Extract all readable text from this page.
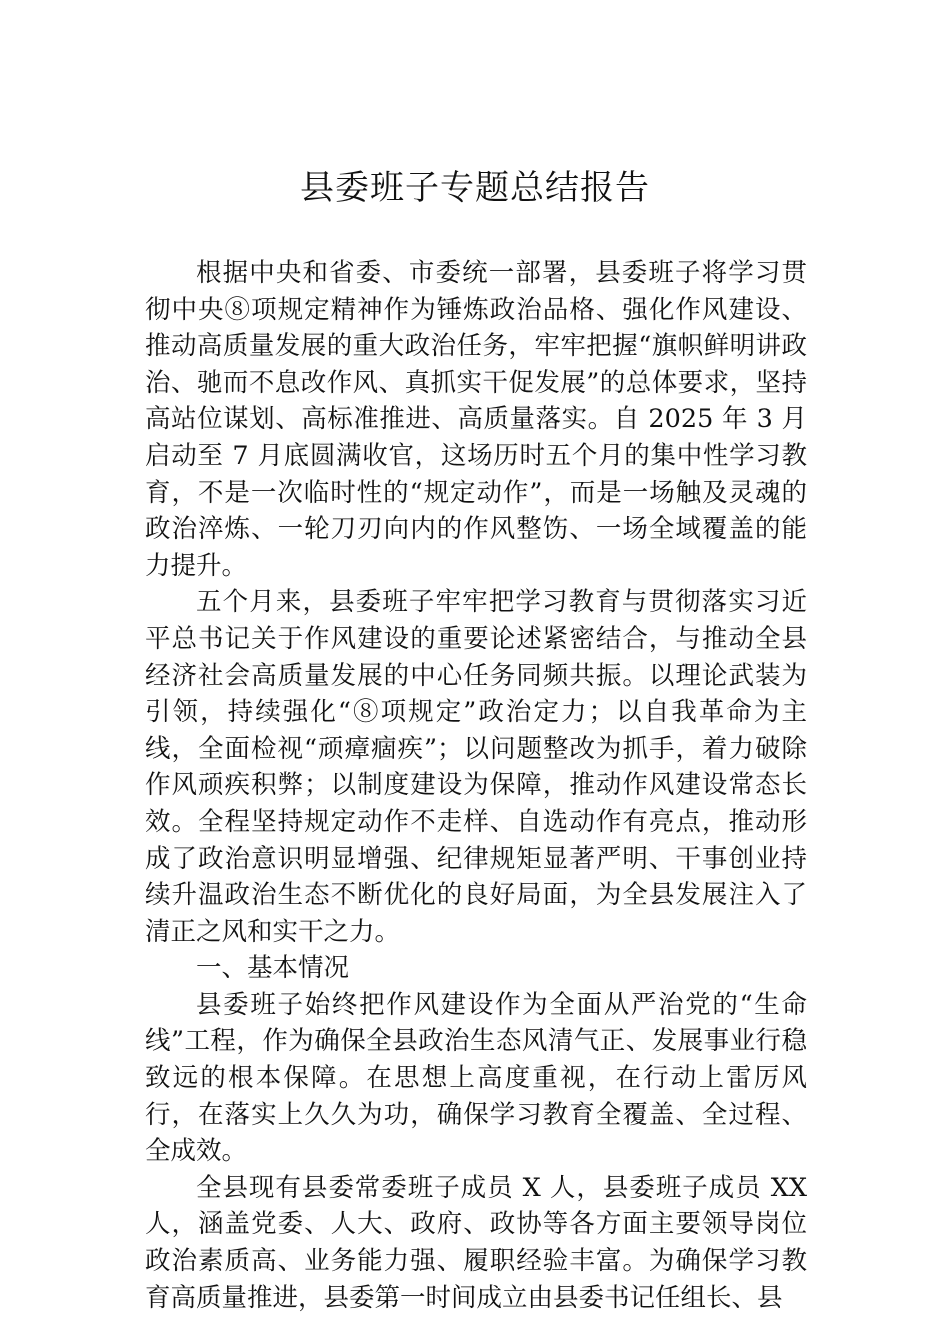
县委班子专题总结报告

根据中央和省委、市委统一部署，县委班子将学习贯彻中央⑧项规定精神作为锤炼政治品格、强化作风建设、推动高质量发展的重大政治任务，牢牢把握“旗帜鲜明讲政治、驰而不息改作风、真抓实干促发展”的总体要求，坚持高站位谋划、高标准推进、高质量落实。自 2025 年 3 月启动至 7 月底圆满收官，这场历时五个月的集中性学习教育，不是一次临时性的“规定动作”，而是一场触及灵魂的政治淬炼、一轮刀刃向内的作风整饬、一场全域覆盖的能力提升。

五个月来，县委班子牢牢把学习教育与贯彻落实习近平总书记关于作风建设的重要论述紧密结合，与推动全县经济社会高质量发展的中心任务同频共振。以理论武装为引领，持续强化“⑧项规定”政治定力；以自我革命为主线，全面检视“顽瘴痼疾”；以问题整改为抓手，着力破除作风顽疾积弊；以制度建设为保障，推动作风建设常态长效。全程坚持规定动作不走样、自选动作有亮点，推动形成了政治意识明显增强、纪律规矩显著严明、干事创业持续升温政治生态不断优化的良好局面，为全县发展注入了清正之风和实干之力。

一、基本情况

县委班子始终把作风建设作为全面从严治党的“生命线”工程，作为确保全县政治生态风清气正、发展事业行稳致远的根本保障。在思想上高度重视，在行动上雷厉风行，在落实上久久为功，确保学习教育全覆盖、全过程、全成效。

全县现有县委常委班子成员 X 人，县委班子成员 XX 人，涵盖党委、人大、政府、政协等各方面主要领导岗位政治素质高、业务能力强、履职经验丰富。为确保学习教育高质量推进，县委第一时间成立由县委书记任组长、县
